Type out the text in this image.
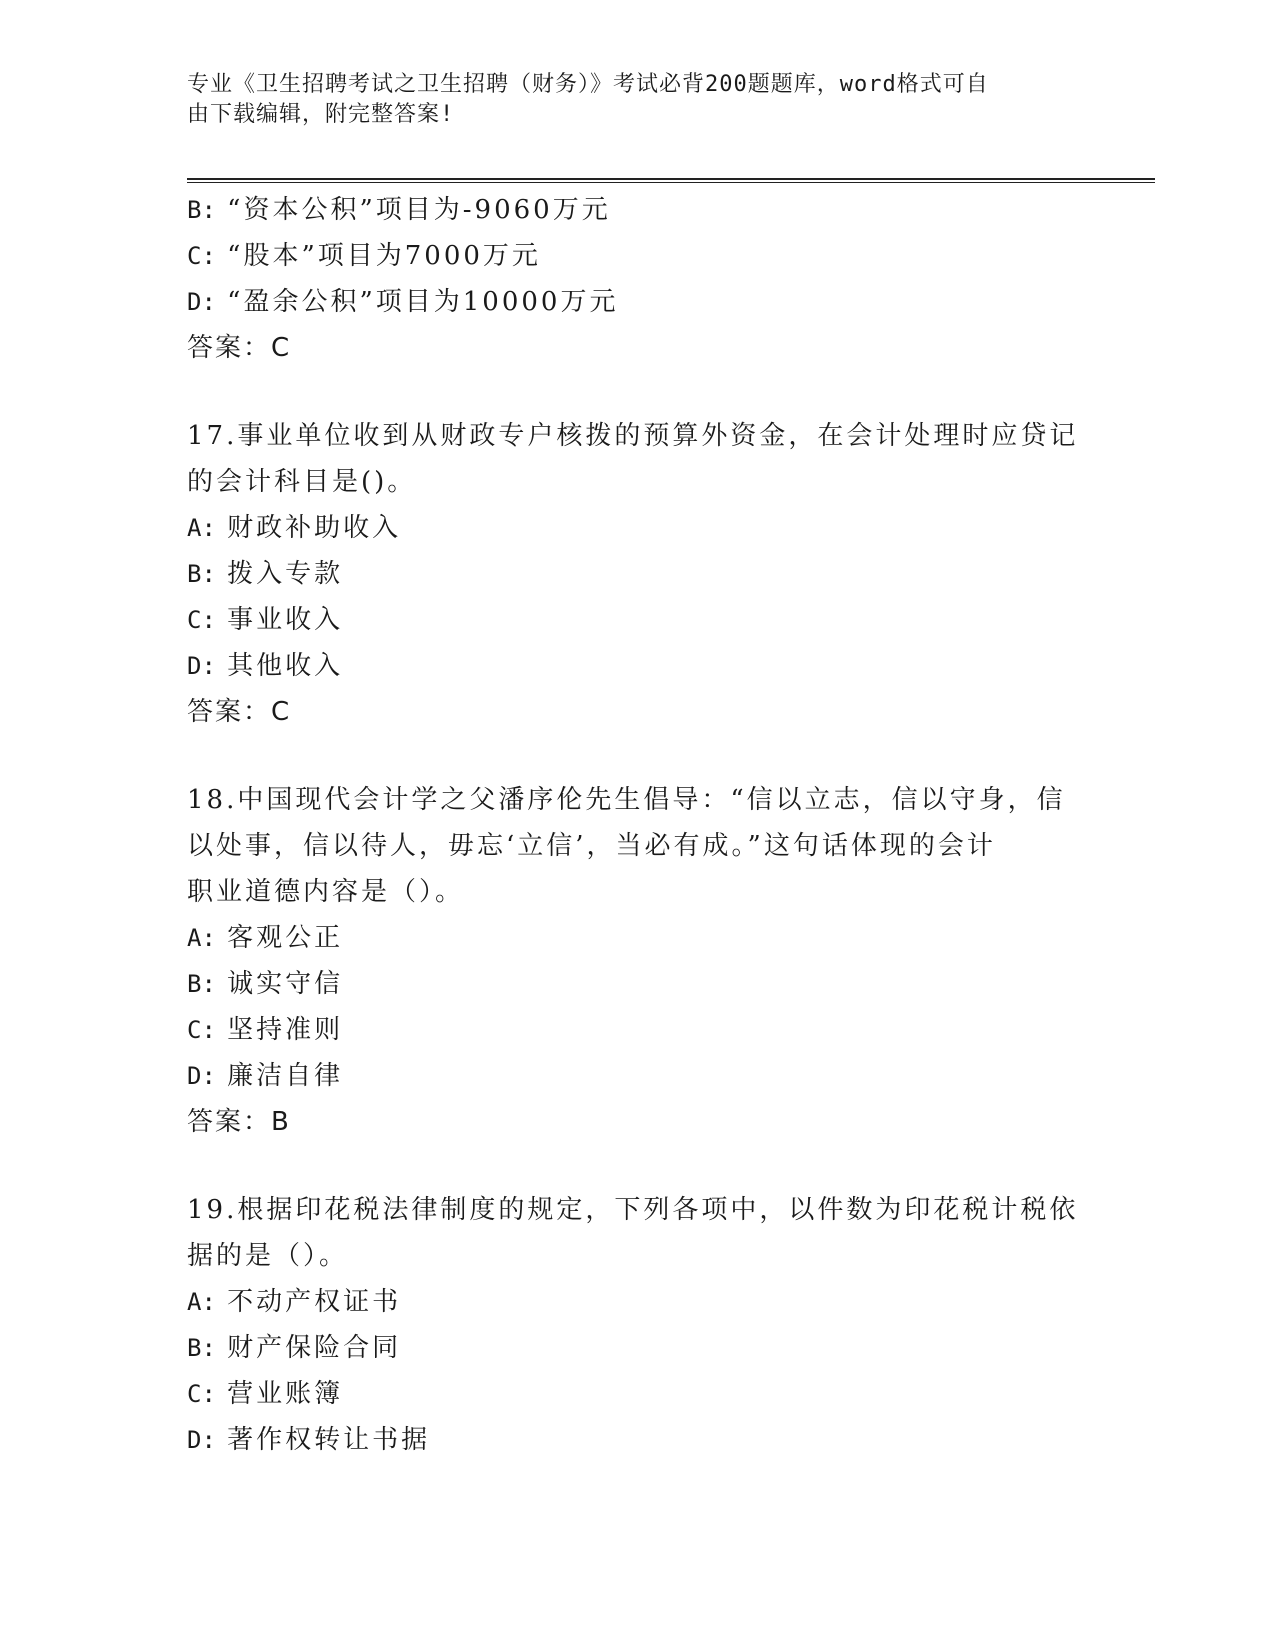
专业《卫生招聘考试之卫生招聘（财务）》考试必背200题题库，word格式可自
由下载编辑，附完整答案!
B: “资本公积”项目为-9060万元
C: “股本”项目为7000万元
D: “盈余公积”项目为10000万元
答案：C
17.事业单位收到从财政专户核拨的预算外资金，在会计处理时应贷记
的会计科目是()。
A: 财政补助收入
B: 拨入专款
C: 事业收入
D: 其他收入
答案：C
18.中国现代会计学之父潘序伦先生倡导：“信以立志，信以守身，信
以处事，信以待人，毋忘‘立信’，当必有成。”这句话体现的会计
职业道德内容是（）。
A: 客观公正
B: 诚实守信
C: 坚持准则
D: 廉洁自律
答案：B
19.根据印花税法律制度的规定，下列各项中，以件数为印花税计税依
据的是（）。
A: 不动产权证书
B: 财产保险合同
C: 营业账簿
D: 著作权转让书据
